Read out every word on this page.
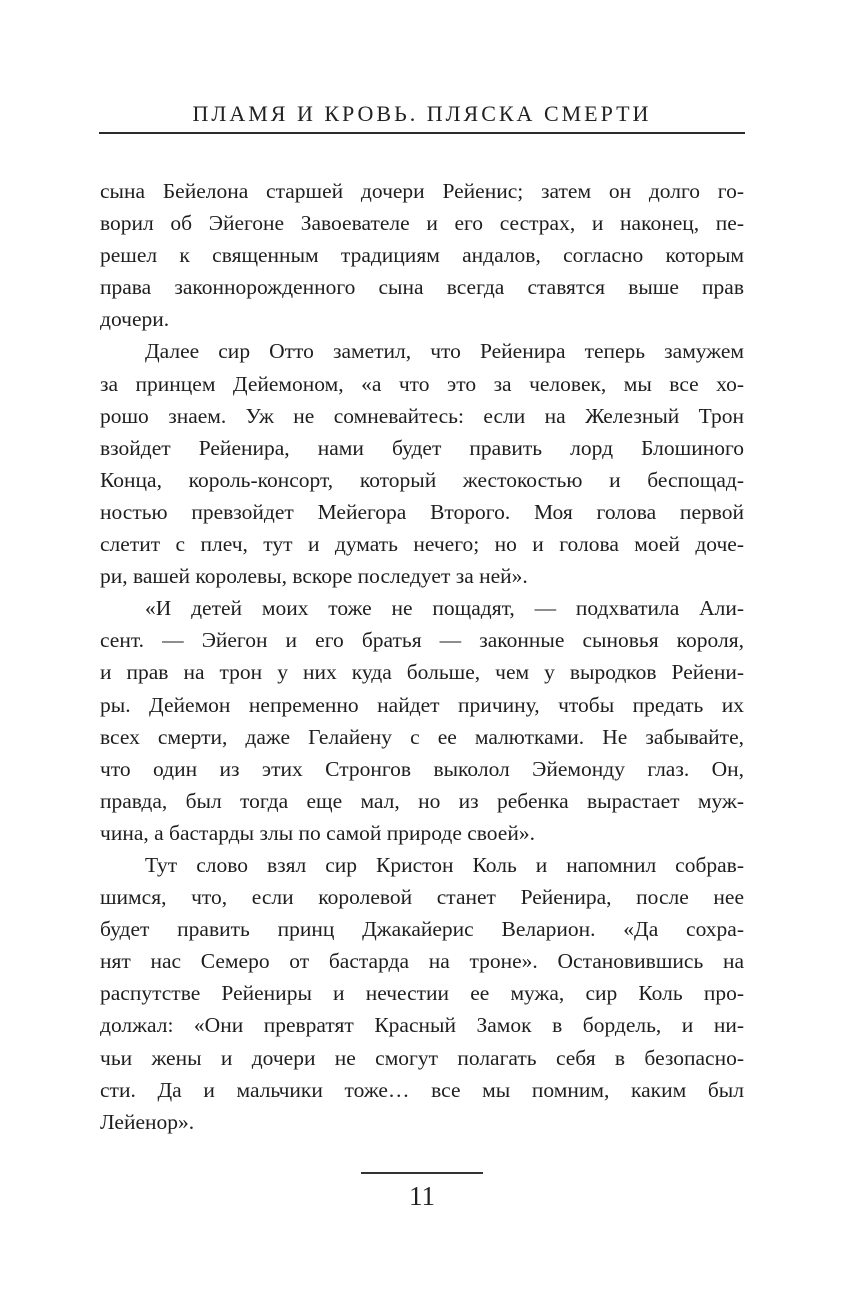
ПЛАМЯ И КРОВЬ. ПЛЯСКА СМЕРТИ
сына Бейелона старшей дочери Рейенис; затем он долго го-
ворил об Эйегоне Завоевателе и его сестрах, и наконец, пе-
решел к священным традициям андалов, согласно которым
права законнорожденного сына всегда ставятся выше прав
дочери.
Далее сир Отто заметил, что Рейенира теперь замужем
за принцем Дейемоном, «а что это за человек, мы все хо-
рошо знаем. Уж не сомневайтесь: если на Железный Трон
взойдет Рейенира, нами будет править лорд Блошиного
Конца, король-консорт, который жестокостью и беспощад-
ностью превзойдет Мейегора Второго. Моя голова первой
слетит с плеч, тут и думать нечего; но и голова моей доче-
ри, вашей королевы, вскоре последует за ней».
«И детей моих тоже не пощадят, — подхватила Али-
сент. — Эйегон и его братья — законные сыновья короля,
и прав на трон у них куда больше, чем у выродков Рейени-
ры. Дейемон непременно найдет причину, чтобы предать их
всех смерти, даже Гелайену с ее малютками. Не забывайте,
что один из этих Стронгов выколол Эйемонду глаз. Он,
правда, был тогда еще мал, но из ребенка вырастает муж-
чина, а бастарды злы по самой природе своей».
Тут слово взял сир Кристон Коль и напомнил собрав-
шимся, что, если королевой станет Рейенира, после нее
будет править принц Джакайерис Веларион. «Да сохра-
нят нас Семеро от бастарда на троне». Остановившись на
распутстве Рейениры и нечестии ее мужа, сир Коль про-
должал: «Они превратят Красный Замок в бордель, и ни-
чьи жены и дочери не смогут полагать себя в безопасно-
сти. Да и мальчики тоже… все мы помним, каким был
Лейенор».
11
